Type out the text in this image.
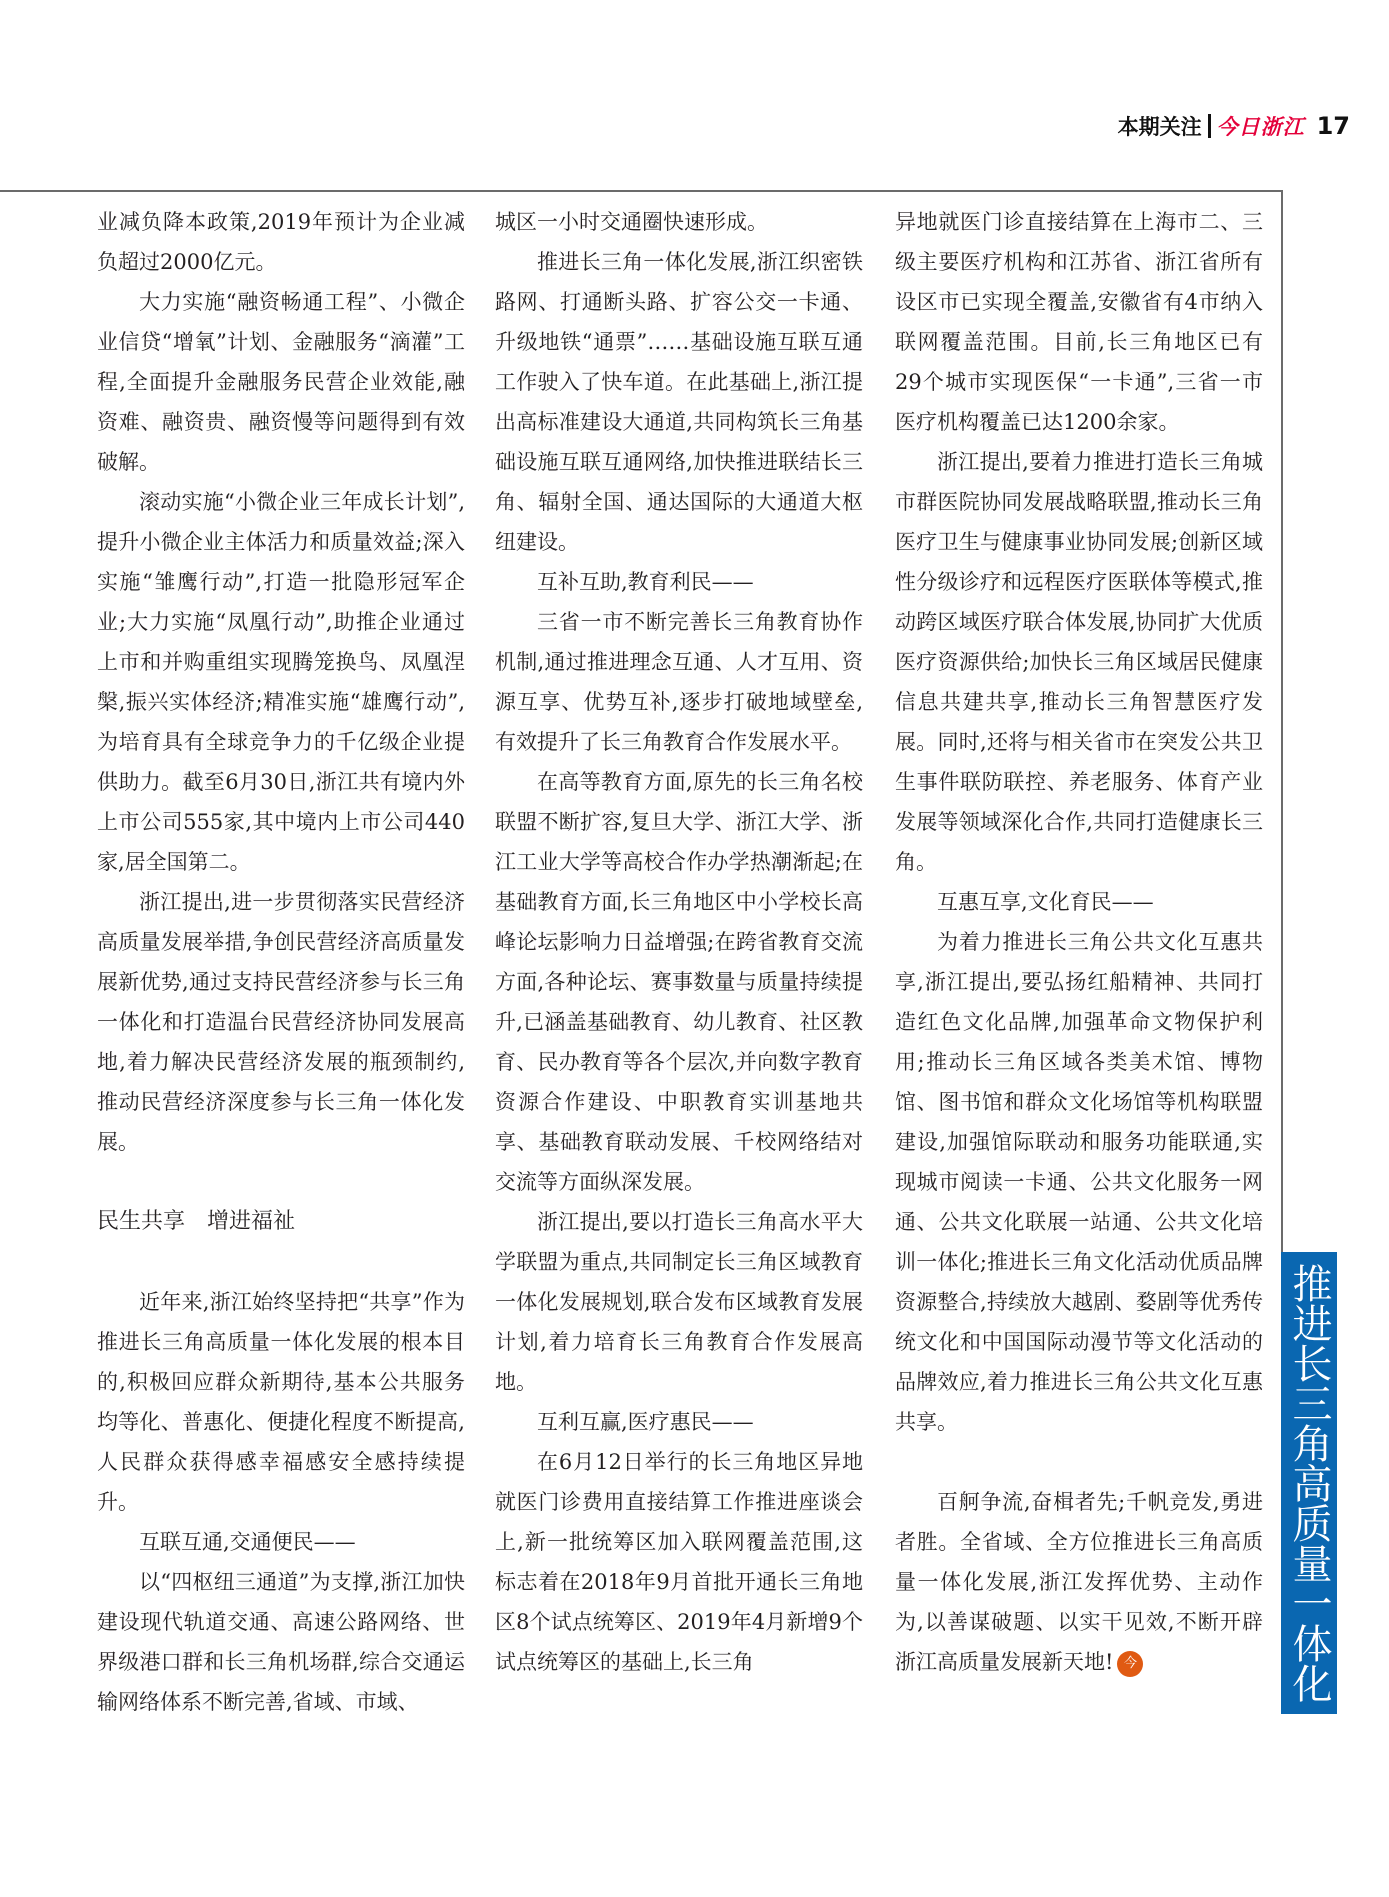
本期关注 今日浙江 17

业减负降本政策,2019年预计为企业减负超过2000亿元。

大力实施“融资畅通工程”、小微企业信贷“增氧”计划、金融服务“滴灌”工程,全面提升金融服务民营企业效能,融资难、融资贵、融资慢等问题得到有效破解。

滚动实施“小微企业三年成长计划”,提升小微企业主体活力和质量效益;深入实施“雏鹰行动”,打造一批隐形冠军企业;大力实施“凤凰行动”,助推企业通过上市和并购重组实现腾笼换鸟、凤凰涅槃,振兴实体经济;精准实施“雄鹰行动”,为培育具有全球竞争力的千亿级企业提供助力。截至6月30日,浙江共有境内外上市公司555家,其中境内上市公司440家,居全国第二。

浙江提出,进一步贯彻落实民营经济高质量发展举措,争创民营经济高质量发展新优势,通过支持民营经济参与长三角一体化和打造温台民营经济协同发展高地,着力解决民营经济发展的瓶颈制约,推动民营经济深度参与长三角一体化发展。

民生共享　增进福祉

近年来,浙江始终坚持把“共享”作为推进长三角高质量一体化发展的根本目的,积极回应群众新期待,基本公共服务均等化、普惠化、便捷化程度不断提高,人民群众获得感幸福感安全感持续提升。

互联互通,交通便民——

以“四枢纽三通道”为支撑,浙江加快建设现代轨道交通、高速公路网络、世界级港口群和长三角机场群,综合交通运输网络体系不断完善,省域、市域、

城区一小时交通圈快速形成。

推进长三角一体化发展,浙江织密铁路网、打通断头路、扩容公交一卡通、升级地铁“通票”……基础设施互联互通工作驶入了快车道。在此基础上,浙江提出高标准建设大通道,共同构筑长三角基础设施互联互通网络,加快推进联结长三角、辐射全国、通达国际的大通道大枢纽建设。

互补互助,教育利民——

三省一市不断完善长三角教育协作机制,通过推进理念互通、人才互用、资源互享、优势互补,逐步打破地域壁垒,有效提升了长三角教育合作发展水平。

在高等教育方面,原先的长三角名校联盟不断扩容,复旦大学、浙江大学、浙江工业大学等高校合作办学热潮渐起;在基础教育方面,长三角地区中小学校长高峰论坛影响力日益增强;在跨省教育交流方面,各种论坛、赛事数量与质量持续提升,已涵盖基础教育、幼儿教育、社区教育、民办教育等各个层次,并向数字教育资源合作建设、中职教育实训基地共享、基础教育联动发展、千校网络结对交流等方面纵深发展。

浙江提出,要以打造长三角高水平大学联盟为重点,共同制定长三角区域教育一体化发展规划,联合发布区域教育发展计划,着力培育长三角教育合作发展高地。

互利互赢,医疗惠民——

在6月12日举行的长三角地区异地就医门诊费用直接结算工作推进座谈会上,新一批统筹区加入联网覆盖范围,这标志着在2018年9月首批开通长三角地区8个试点统筹区、2019年4月新增9个试点统筹区的基础上,长三角

异地就医门诊直接结算在上海市二、三级主要医疗机构和江苏省、浙江省所有设区市已实现全覆盖,安徽省有4市纳入联网覆盖范围。目前,长三角地区已有29个城市实现医保“一卡通”,三省一市医疗机构覆盖已达1200余家。

浙江提出,要着力推进打造长三角城市群医院协同发展战略联盟,推动长三角医疗卫生与健康事业协同发展;创新区域性分级诊疗和远程医疗医联体等模式,推动跨区域医疗联合体发展,协同扩大优质医疗资源供给;加快长三角区域居民健康信息共建共享,推动长三角智慧医疗发展。同时,还将与相关省市在突发公共卫生事件联防联控、养老服务、体育产业发展等领域深化合作,共同打造健康长三角。

互惠互享,文化育民——

为着力推进长三角公共文化互惠共享,浙江提出,要弘扬红船精神、共同打造红色文化品牌,加强革命文物保护利用;推动长三角区域各类美术馆、博物馆、图书馆和群众文化场馆等机构联盟建设,加强馆际联动和服务功能联通,实现城市阅读一卡通、公共文化服务一网通、公共文化联展一站通、公共文化培训一体化;推进长三角文化活动优质品牌资源整合,持续放大越剧、婺剧等优秀传统文化和中国国际动漫节等文化活动的品牌效应,着力推进长三角公共文化互惠共享。

百舸争流,奋楫者先;千帆竞发,勇进者胜。全省域、全方位推进长三角高质量一体化发展,浙江发挥优势、主动作为,以善谋破题、以实干见效,不断开辟浙江高质量发展新天地! 今	推进长三角高质量一体化
